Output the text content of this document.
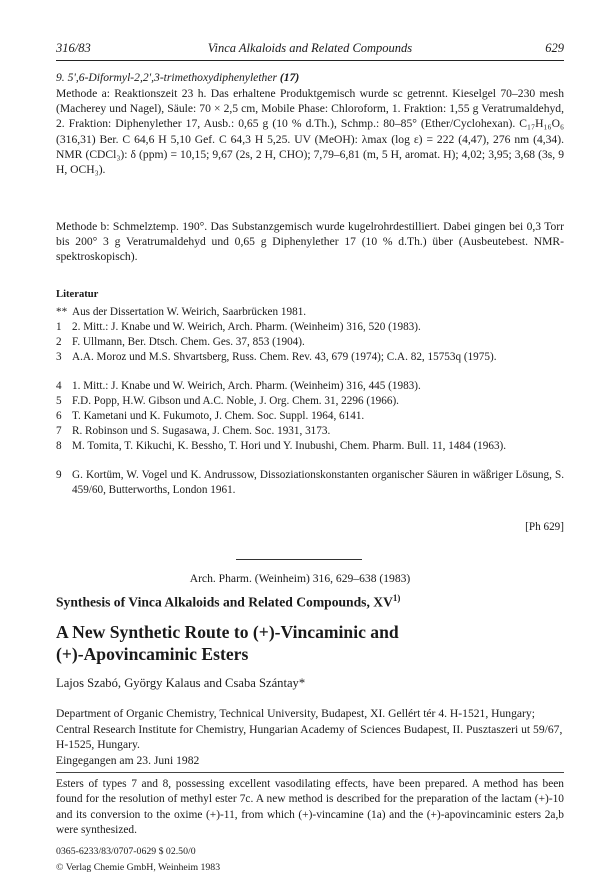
316/83	Vinca Alkaloids and Related Compounds	629
9. 5',6-Diformyl-2,2',3-trimethoxydiphenylether (17)
Methode a: Reaktionszeit 23 h. Das erhaltene Produktgemisch wurde sc getrennt. Kieselgel 70–230 mesh (Macherey und Nagel), Säule: 70 × 2,5 cm, Mobile Phase: Chloroform, 1. Fraktion: 1,55 g Veratrumaldehyd, 2. Fraktion: Diphenylether 17, Ausb.: 0,65 g (10 % d.Th.), Schmp.: 80–85° (Ether/Cyclohexan). C₁₇H₁₆O₆ (316,31) Ber. C 64,6 H 5,10 Gef. C 64,3 H 5,25. UV (MeOH): λmax (log ε) = 222 (4,47), 276 nm (4,34). NMR (CDCl₃): δ (ppm) = 10,15; 9,67 (2s, 2 H, CHO); 7,79–6,81 (m, 5 H, aromat. H); 4,02; 3,95; 3,68 (3s, 9 H, OCH₃).
Methode b: Schmelztemp. 190°. Das Substanzgemisch wurde kugelrohrdestilliert. Dabei gingen bei 0,3 Torr bis 200° 3 g Veratrumaldehyd und 0,65 g Diphenylether 17 (10 % d.Th.) über (Ausbeutebest. NMR-spektroskopisch).
Literatur
** Aus der Dissertation W. Weirich, Saarbrücken 1981.
1 2. Mitt.: J. Knabe und W. Weirich, Arch. Pharm. (Weinheim) 316, 520 (1983).
2 F. Ullmann, Ber. Dtsch. Chem. Ges. 37, 853 (1904).
3 A.A. Moroz und M.S. Shvartsberg, Russ. Chem. Rev. 43, 679 (1974); C.A. 82, 15753q (1975).
4 1. Mitt.: J. Knabe und W. Weirich, Arch. Pharm. (Weinheim) 316, 445 (1983).
5 F.D. Popp, H.W. Gibson und A.C. Noble, J. Org. Chem. 31, 2296 (1966).
6 T. Kametani und K. Fukumoto, J. Chem. Soc. Suppl. 1964, 6141.
7 R. Robinson und S. Sugasawa, J. Chem. Soc. 1931, 3173.
8 M. Tomita, T. Kikuchi, K. Bessho, T. Hori und Y. Inubushi, Chem. Pharm. Bull. 11, 1484 (1963).
9 G. Kortüm, W. Vogel und K. Andrussow, Dissoziationskonstanten organischer Säuren in wäßriger Lösung, S. 459/60, Butterworths, London 1961.
[Ph 629]
Arch. Pharm. (Weinheim) 316, 629–638 (1983)
Synthesis of Vinca Alkaloids and Related Compounds, XV$^{1)}$
A New Synthetic Route to (+)-Vincaminic and
(+)-Apovincaminic Esters
Lajos Szabó, György Kalaus and Csaba Szántay*
Department of Organic Chemistry, Technical University, Budapest, XI. Gellért tér 4. H-1521, Hungary;
Central Research Institute for Chemistry, Hungarian Academy of Sciences Budapest, II. Pusztaszeri ut 59/67, H-1525, Hungary.
Eingegangen am 23. Juni 1982
Esters of types 7 and 8, possessing excellent vasodilating effects, have been prepared. A method has been found for the resolution of methyl ester 7c. A new method is described for the preparation of the lactam (+)-10 and its conversion to the oxime (+)-11, from which (+)-vincamine (1a) and the (+)-apovincaminic esters 2a,b were synthesized.
0365-6233/83/0707-0629 $ 02.50/0
© Verlag Chemie GmbH, Weinheim 1983
